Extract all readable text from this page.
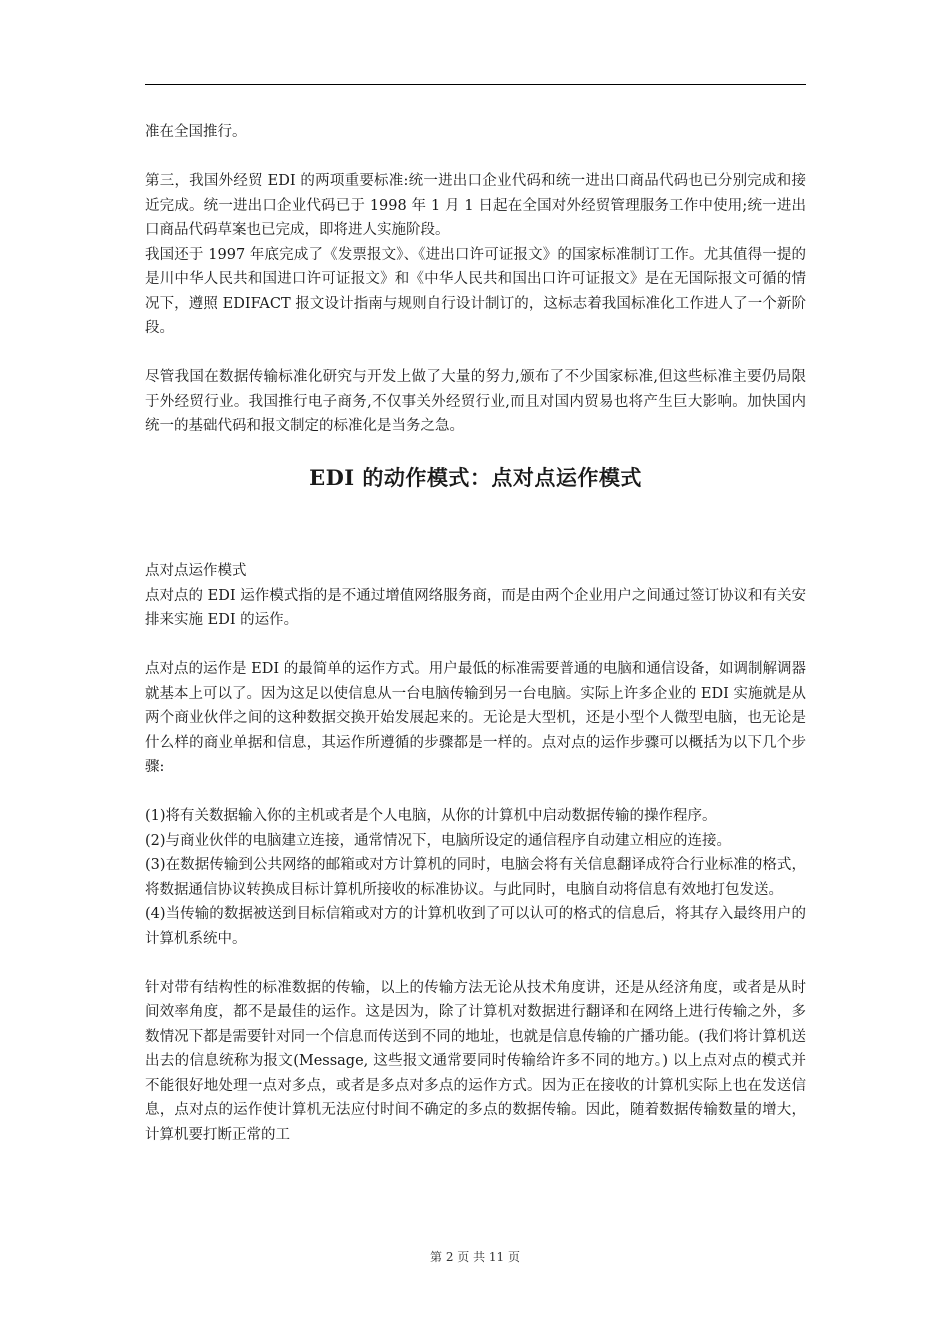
准在全国推行。

第三，我国外经贸 EDI 的两项重要标准:统一进出口企业代码和统一进出口商品代码也已分别完成和接近完成。统一进出口企业代码已于 1998 年 1 月 1 日起在全国对外经贸管理服务工作中使用;统一进出口商品代码草案也已完成，即将进人实施阶段。

我国还于 1997 年底完成了《发票报文》、《进出口许可证报文》的国家标准制订工作。尤其值得一提的是川中华人民共和国进口许可证报文》和《中华人民共和国出口许可证报文》是在无国际报文可循的情况下，遵照 EDIFACT 报文设计指南与规则自行设计制订的，这标志着我国标准化工作进人了一个新阶段。

尽管我国在数据传输标准化研究与开发上做了大量的努力,颁布了不少国家标准,但这些标准主要仍局限于外经贸行业。我国推行电子商务,不仅事关外经贸行业,而且对国内贸易也将产生巨大影响。加快国内统一的基础代码和报文制定的标准化是当务之急。

EDI 的动作模式：点对点运作模式

点对点运作模式

点对点的 EDI 运作模式指的是不通过增值网络服务商，而是由两个企业用户之间通过签订协议和有关安排来实施 EDI 的运作。

点对点的运作是 EDI 的最简单的运作方式。用户最低的标准需要普通的电脑和通信设备，如调制解调器就基本上可以了。因为这足以使信息从一台电脑传输到另一台电脑。实际上许多企业的 EDI 实施就是从两个商业伙伴之间的这种数据交换开始发展起来的。无论是大型机，还是小型个人微型电脑，也无论是什么样的商业单据和信息，其运作所遵循的步骤都是一样的。点对点的运作步骤可以概括为以下几个步骤:

(1)将有关数据输入你的主机或者是个人电脑，从你的计算机中启动数据传输的操作程序。

(2)与商业伙伴的电脑建立连接，通常情况下，电脑所设定的通信程序自动建立相应的连接。

(3)在数据传输到公共网络的邮箱或对方计算机的同时，电脑会将有关信息翻译成符合行业标准的格式，将数据通信协议转换成目标计算机所接收的标准协议。与此同时，电脑自动将信息有效地打包发送。

(4)当传输的数据被送到目标信箱或对方的计算机收到了可以认可的格式的信息后，将其存入最终用户的计算机系统中。

针对带有结构性的标准数据的传输，以上的传输方法无论从技术角度讲，还是从经济角度，或者是从时间效率角度，都不是最佳的运作。这是因为，除了计算机对数据进行翻译和在网络上进行传输之外，多数情况下都是需要针对同一个信息而传送到不同的地址，也就是信息传输的广播功能。(我们将计算机送出去的信息统称为报文(Message, 这些报文通常要同时传输给许多不同的地方。) 以上点对点的模式并不能很好地处理一点对多点，或者是多点对多点的运作方式。因为正在接收的计算机实际上也在发送信息，点对点的运作使计算机无法应付时间不确定的多点的数据传输。因此，随着数据传输数量的增大，计算机要打断正常的工

第 2 页 共 11 页
